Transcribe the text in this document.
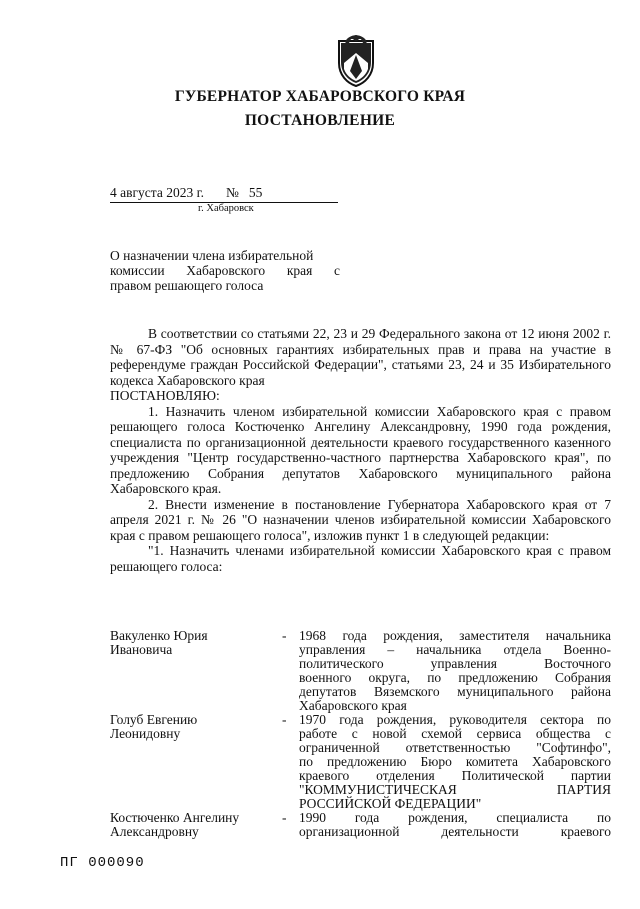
ГУБЕРНАТОР ХАБАРОВСКОГО КРАЯ
ПОСТАНОВЛЕНИЕ
4 августа 2023 г. № 55
г. Хабаровск
О назначении члена избирательной
комиссии Хабаровского края с
правом решающего голоса
В соответствии со статьями 22, 23 и 29 Федерального закона от 12 июня 2002 г. № 67-ФЗ "Об основных гарантиях избирательных прав и права на участие в референдуме граждан Российской Федерации", статьями 23, 24 и 35 Избирательного кодекса Хабаровского края
ПОСТАНОВЛЯЮ:
1. Назначить членом избирательной комиссии Хабаровского края с правом решающего голоса Костюченко Ангелину Александровну, 1990 года рождения, специалиста по организационной деятельности краевого государственного казенного учреждения "Центр государственно-частного партнерства Хабаровского края", по предложению Собрания депутатов Хабаровского муниципального района Хабаровского края.
2. Внести изменение в постановление Губернатора Хабаровского края от 7 апреля 2021 г. № 26 "О назначении членов избирательной комиссии Хабаровского края с правом решающего голоса", изложив пункт 1 в следующей редакции:
"1. Назначить членами избирательной комиссии Хабаровского края с правом решающего голоса:
Вакуленко Юрия
Ивановича
- 1968 года рождения, заместителя начальника
управления – начальника отдела Военно-
политического управления Восточного
военного округа, по предложению Собрания
депутатов Вяземского муниципального района
Хабаровского края
Голуб Евгению
Леонидовну
- 1970 года рождения, руководителя сектора по
работе с новой схемой сервиса общества с
ограниченной ответственностью "Софтинфо",
по предложению Бюро комитета Хабаровского
краевого отделения Политической партии
"КОММУНИСТИЧЕСКАЯ ПАРТИЯ
РОССИЙСКОЙ ФЕДЕРАЦИИ"
Костюченко Ангелину
Александровну
- 1990 года рождения, специалиста по
организационной деятельности краевого
ПГ 000090
